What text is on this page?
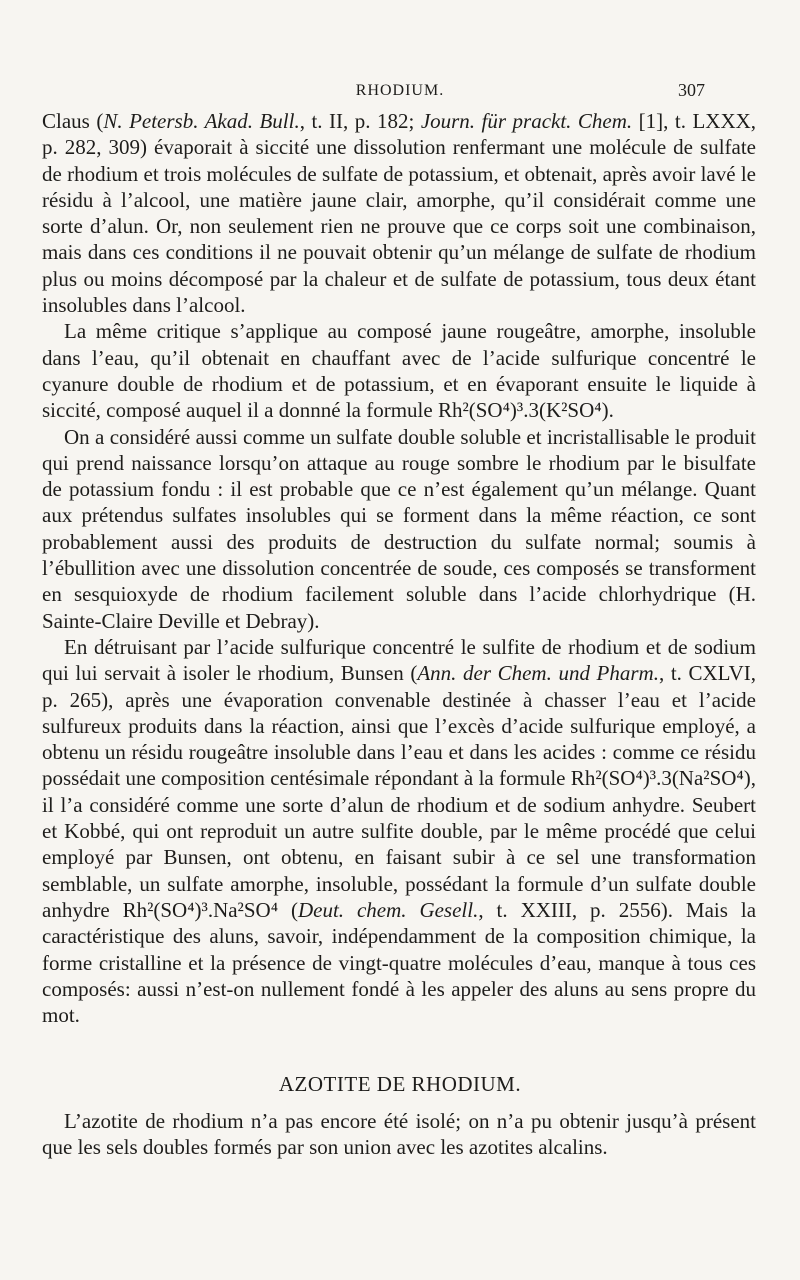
RHODIUM.	307

Claus (N. Petersb. Akad. Bull., t. II, p. 182; Journ. für prackt. Chem. [1], t. LXXX, p. 282, 309) évaporait à siccité une dissolution renfermant une molécule de sulfate de rhodium et trois molécules de sulfate de potassium, et obtenait, après avoir lavé le résidu à l’alcool, une matière jaune clair, amorphe, qu’il considérait comme une sorte d’alun. Or, non seulement rien ne prouve que ce corps soit une combinaison, mais dans ces conditions il ne pouvait obtenir qu’un mélange de sulfate de rhodium plus ou moins décomposé par la chaleur et de sulfate de potassium, tous deux étant insolubles dans l’alcool.

La même critique s’applique au composé jaune rougeâtre, amorphe, insoluble dans l’eau, qu’il obtenait en chauffant avec de l’acide sulfurique concentré le cyanure double de rhodium et de potassium, et en évaporant ensuite le liquide à siccité, composé auquel il a donnné la formule Rh²(SO⁴)³.3(K²SO⁴).

On a considéré aussi comme un sulfate double soluble et incristallisable le produit qui prend naissance lorsqu’on attaque au rouge sombre le rhodium par le bisulfate de potassium fondu : il est probable que ce n’est également qu’un mélange. Quant aux prétendus sulfates insolubles qui se forment dans la même réaction, ce sont probablement aussi des produits de destruction du sulfate normal; soumis à l’ébullition avec une dissolution concentrée de soude, ces composés se transforment en sesquioxyde de rhodium facilement soluble dans l’acide chlorhydrique (H. Sainte-Claire Deville et Debray).

En détruisant par l’acide sulfurique concentré le sulfite de rhodium et de sodium qui lui servait à isoler le rhodium, Bunsen (Ann. der Chem. und Pharm., t. CXLVI, p. 265), après une évaporation convenable destinée à chasser l’eau et l’acide sulfureux produits dans la réaction, ainsi que l’excès d’acide sulfurique employé, a obtenu un résidu rougeâtre insoluble dans l’eau et dans les acides : comme ce résidu possédait une composition centésimale répondant à la formule Rh²(SO⁴)³.3(Na²SO⁴), il l’a considéré comme une sorte d’alun de rhodium et de sodium anhydre. Seubert et Kobbé, qui ont reproduit un autre sulfite double, par le même procédé que celui employé par Bunsen, ont obtenu, en faisant subir à ce sel une transformation semblable, un sulfate amorphe, insoluble, possédant la formule d’un sulfate double anhydre Rh²(SO⁴)³.Na²SO⁴ (Deut. chem. Gesell., t. XXIII, p. 2556). Mais la caractéristique des aluns, savoir, indépendamment de la composition chimique, la forme cristalline et la présence de vingt-quatre molécules d’eau, manque à tous ces composés: aussi n’est-on nullement fondé à les appeler des aluns au sens propre du mot.

AZOTITE DE RHODIUM.

L’azotite de rhodium n’a pas encore été isolé; on n’a pu obtenir jusqu’à présent que les sels doubles formés par son union avec les azotites alcalins.
